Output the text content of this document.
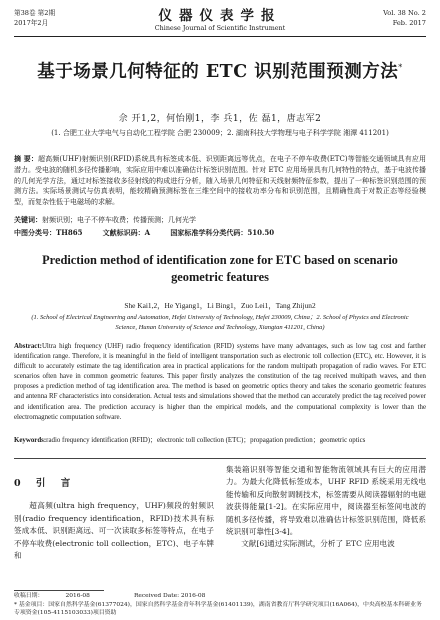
第38卷 第2期
2017年2月	仪器仪表学报
Chinese Journal of Scientific Instrument
Vol. 38 No. 2
Feb. 2017
基于场景几何特征的 ETC 识别范围预测方法*
佘 开1,2，何怡刚1，李 兵1，佐 磊1，唐志军2
(1. 合肥工业大学电气与自动化工程学院 合肥 230009；2. 湖南科技大学物理与电子科学学院 湘潭 411201)
摘 要：超高频(UHF)射频识别(RFID)系统具有标签成本低、识别距离远等优点，在电子不停车收费(ETC)等智能交通领域具有应用潜力。受电波的随机多径传播影响，实际应用中难以准确估计标签识别范围。针对 ETC 应用场景具有几何特性的特点，基于电波传播的几何光学方法，通过对标签接收多径射线的构成进行分析，随入场景几何特征和天线射频特征参数，提出了一种标签识别范围的预测方法。实际场景测试与仿真表明，能较精确预测标签在三维空间中的接收功率分布和识别范围，且精确性高于对数正态等经验模型，而复杂性低于电磁场的求解。
关键词：射频识别；电子不停车收费；传播预测；几何光学
中图分类号：TH865	文献标识码：A	国家标准学科分类代码：510.50
Prediction method of identification zone for ETC based on scenario geometric features
She Kai1,2，He Yigang1，Li Bing1，Zuo Lei1，Tang Zhijun2
(1. School of Electrical Engineering and Automation, Hefei University of Technology, Hefei 230009, China；2. School of Physics and Electronic Science, Hunan University of Science and Technology, Xiangtan 411201, China)
Abstract:Ultra high frequency (UHF) radio frequency identification (RFID) systems have many advantages, such as low tag cost and farther identification range. Therefore, it is meaningful in the field of intelligent transportation such as electronic toll collection (ETC), etc. However, it is difficult to accurately estimate the tag identification area in practical applications for the random multipath propagation of radio waves. For ETC scenarios often have in common geometric features. This paper firstly analyzes the constitution of the tag received multipath waves, and then proposes a prediction method of tag identification area. The method is based on geometric optics theory and takes the scenario geometric features and antenna RF characteristics into consideration. Actual tests and simulations showed that the method can accurately predict the tag received power and identification area. The prediction accuracy is higher than the empirical models, and the computational complexity is lower than the electromagnetic computation software.
Keywords:radio frequency identification (RFID)；electronic toll collection (ETC)；propagation prediction；geometric optics
0 引 言

超高频(ultra high frequency，UHF)频段的射频识别(radio frequency identification，RFID)技术具有标签成本低、识别距离远、可一次读取多标签等特点，在电子不停车收费(electronic toll collection，ETC)、电子车牌和

集装箱识别等智能交通和智能物流领域具有巨大的应用潜力。为最大化降低标签成本，UHF RFID 系统采用无线电能传输和反向散射调制技术，标签需要从阅读器辐射的电磁波获得能量[1-2]。在实际应用中，阅读器至标签间电波的随机多径传播，将导致难以准确估计标签识别范围，降低系统识别可靠性[3-4]。

文献[6]通过实际测试，分析了 ETC 应用电波

收稿日期：	2016-08	Received Date: 2016-08
* 基金项目：国家自然科学基金(61377024)，国家自然科学基金青年科学基金(61401139)，湖南省教育厅科学研究项目(16A064)，中央高校基本科研业务专项资金(105-4115103033)项目资助
